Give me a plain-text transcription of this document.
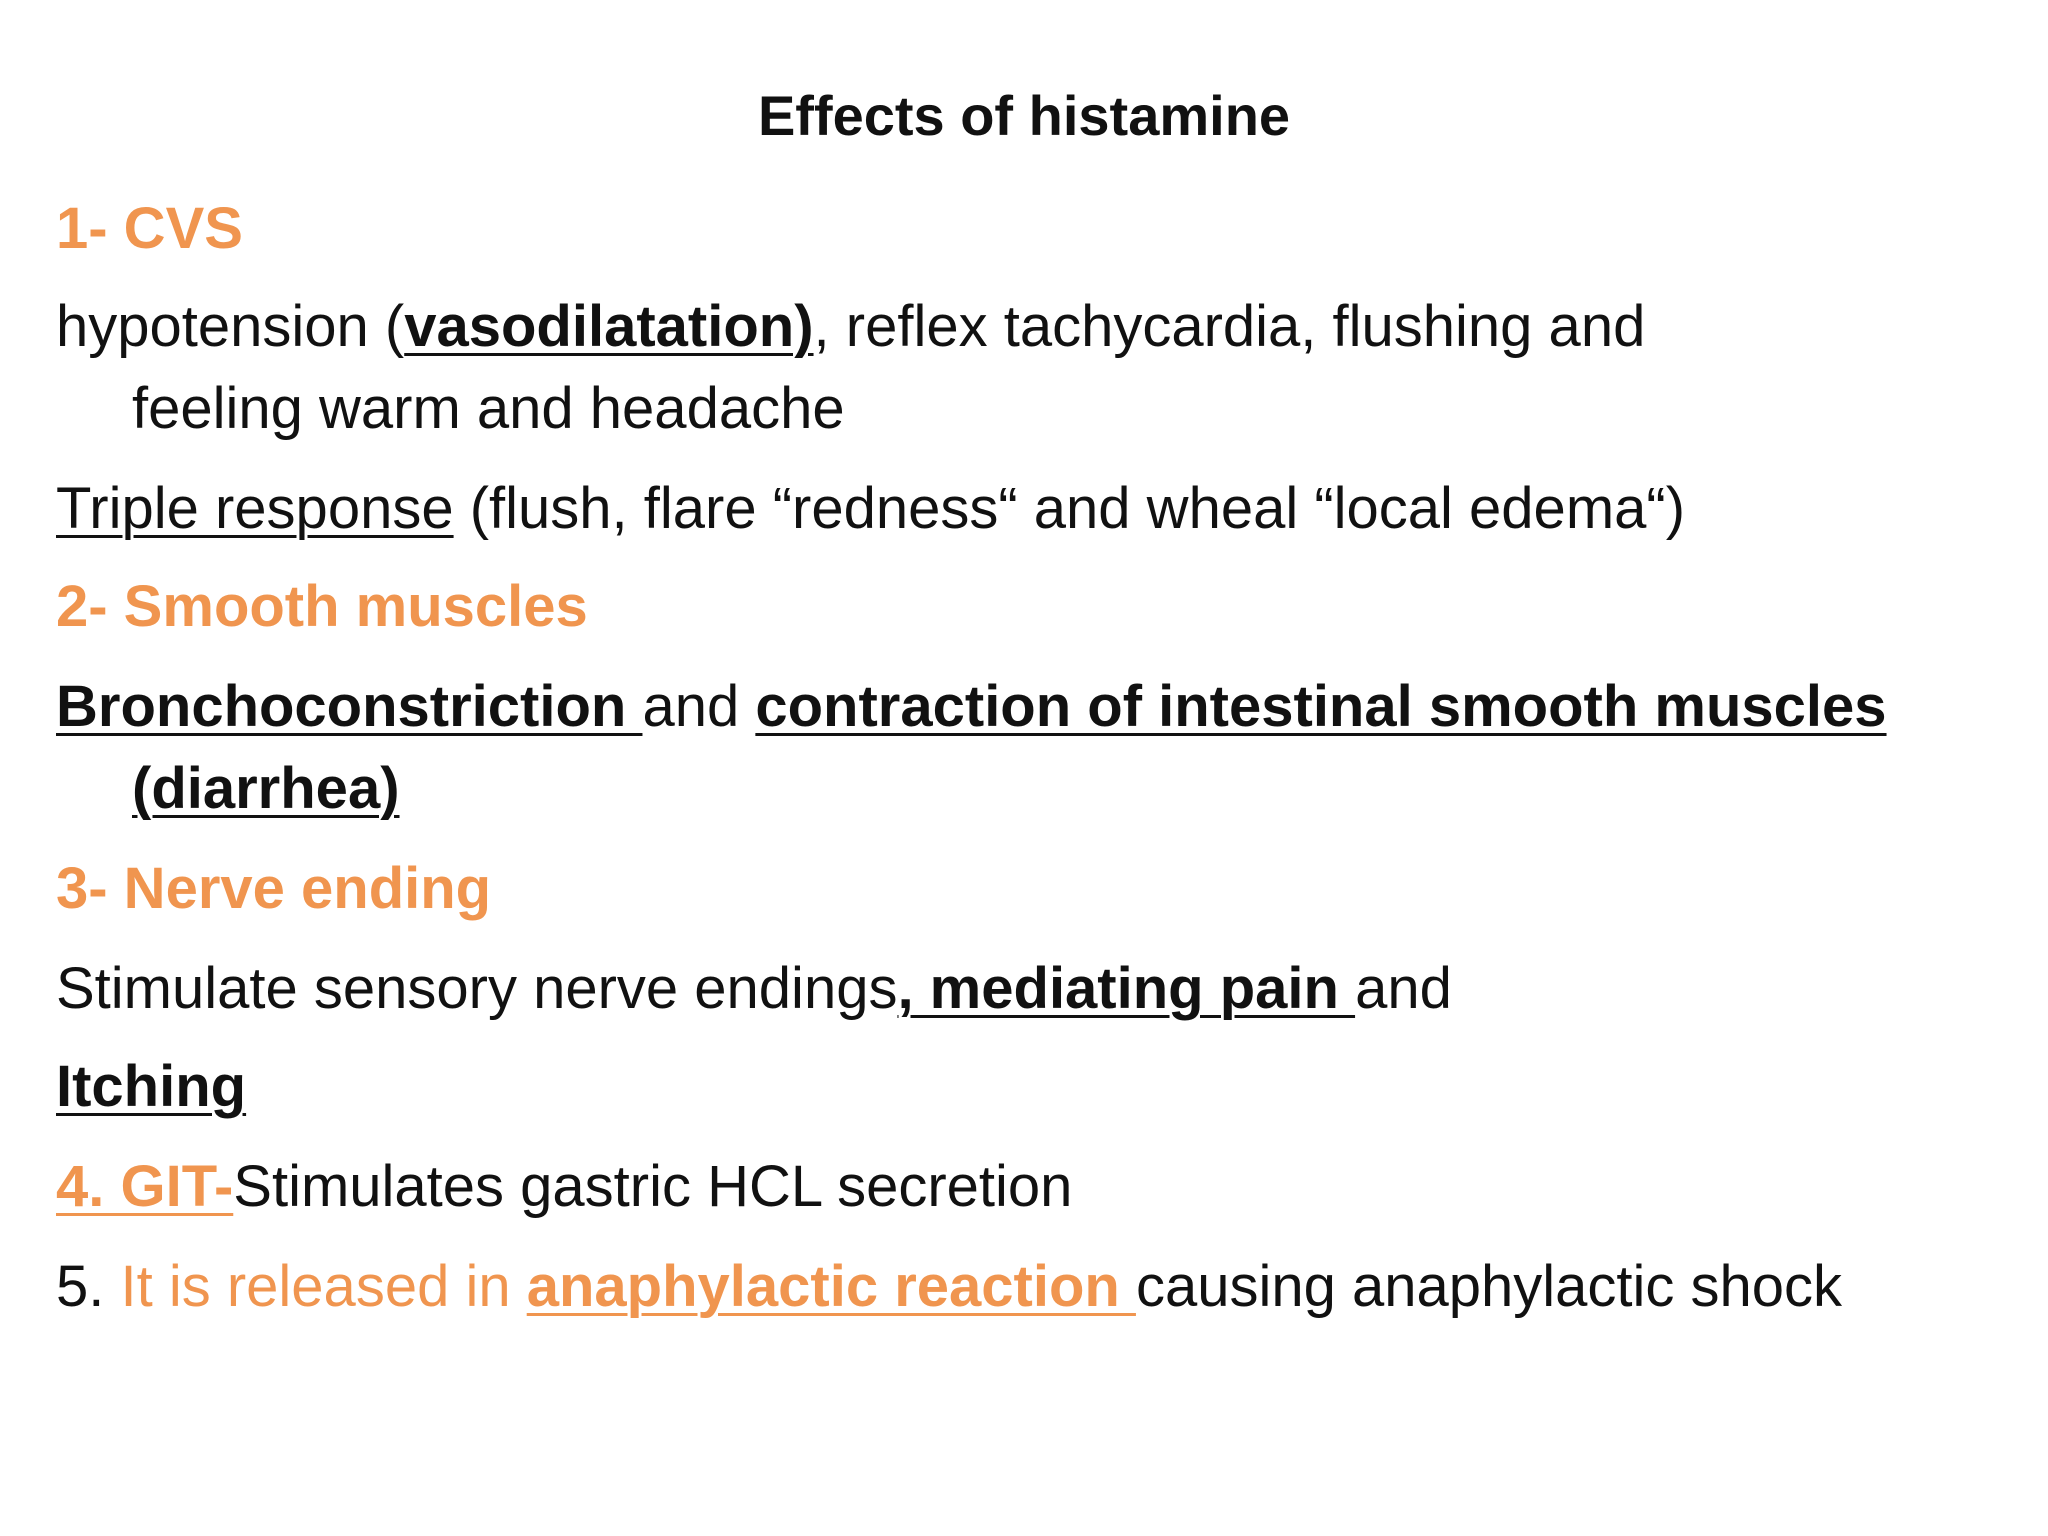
Effects of histamine
1- CVS
hypotension (vasodilatation), reflex tachycardia, flushing and
feeling warm and headache
Triple response (flush, flare “redness“ and wheal “local edema“)
2- Smooth muscles
Bronchoconstriction and contraction of intestinal smooth muscles
(diarrhea)
3- Nerve ending
Stimulate sensory nerve endings, mediating pain and
Itching
4. GIT-Stimulates gastric HCL secretion
5. It is released in anaphylactic reaction causing anaphylactic shock
